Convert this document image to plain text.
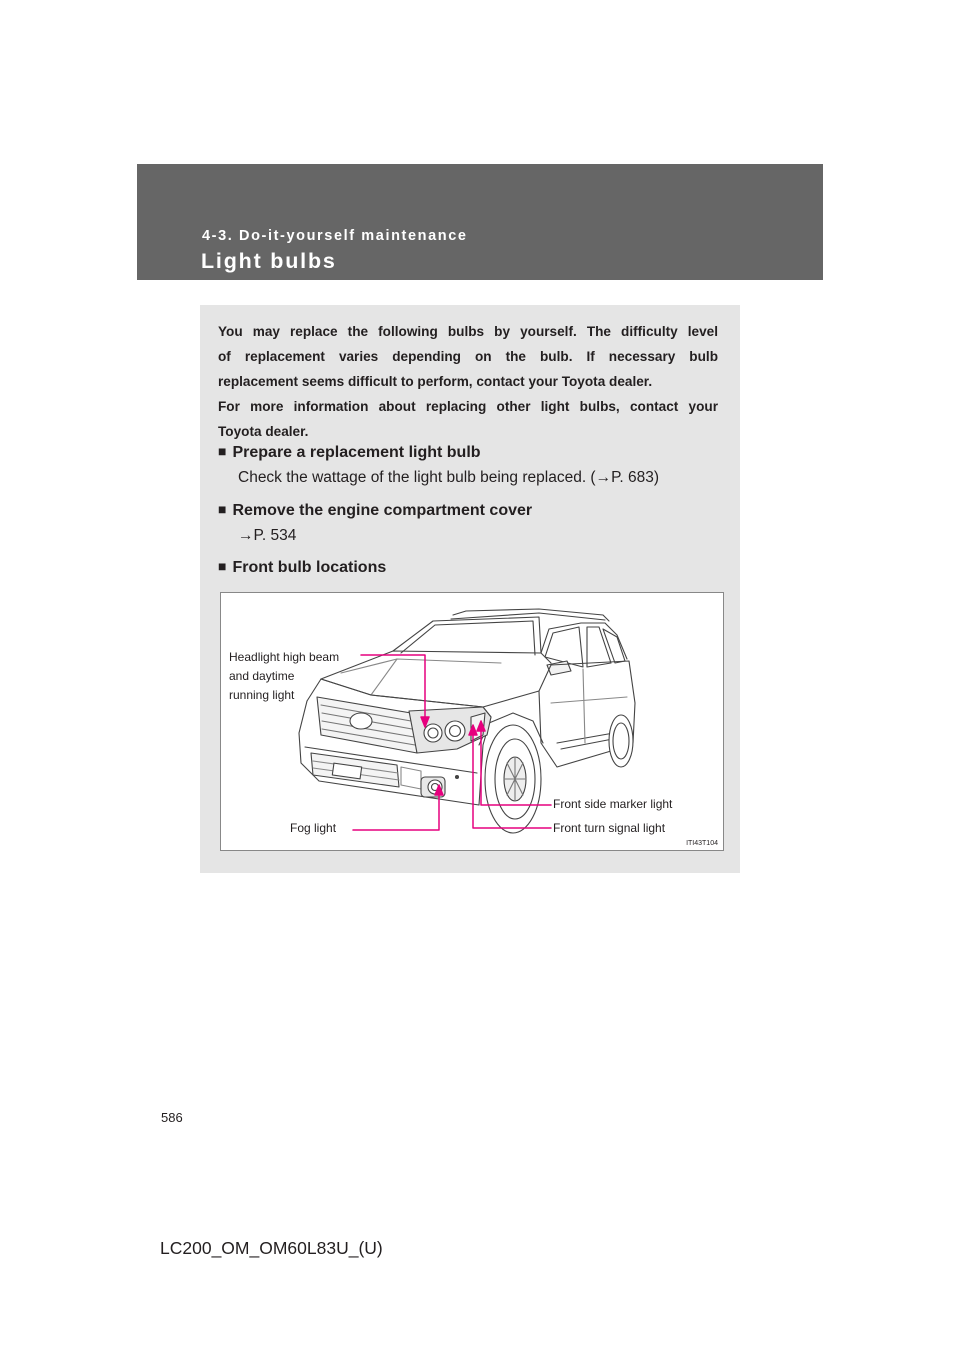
4-3. Do-it-yourself maintenance

Light bulbs

You may replace the following bulbs by yourself. The difficulty level
of replacement varies depending on the bulb. If necessary bulb
replacement seems difficult to perform, contact your Toyota dealer.
For more information about replacing other light bulbs, contact your
Toyota dealer.

■ Prepare a replacement light bulb

Check the wattage of the light bulb being replaced. (→P. 683)

■ Remove the engine compartment cover

→P. 534

■ Front bulb locations
Headlight high beam
and daytime
running light

Front side marker light

Front turn signal light

Fog light

ITI43T104

586

LC200_OM_OM60L83U_(U)
